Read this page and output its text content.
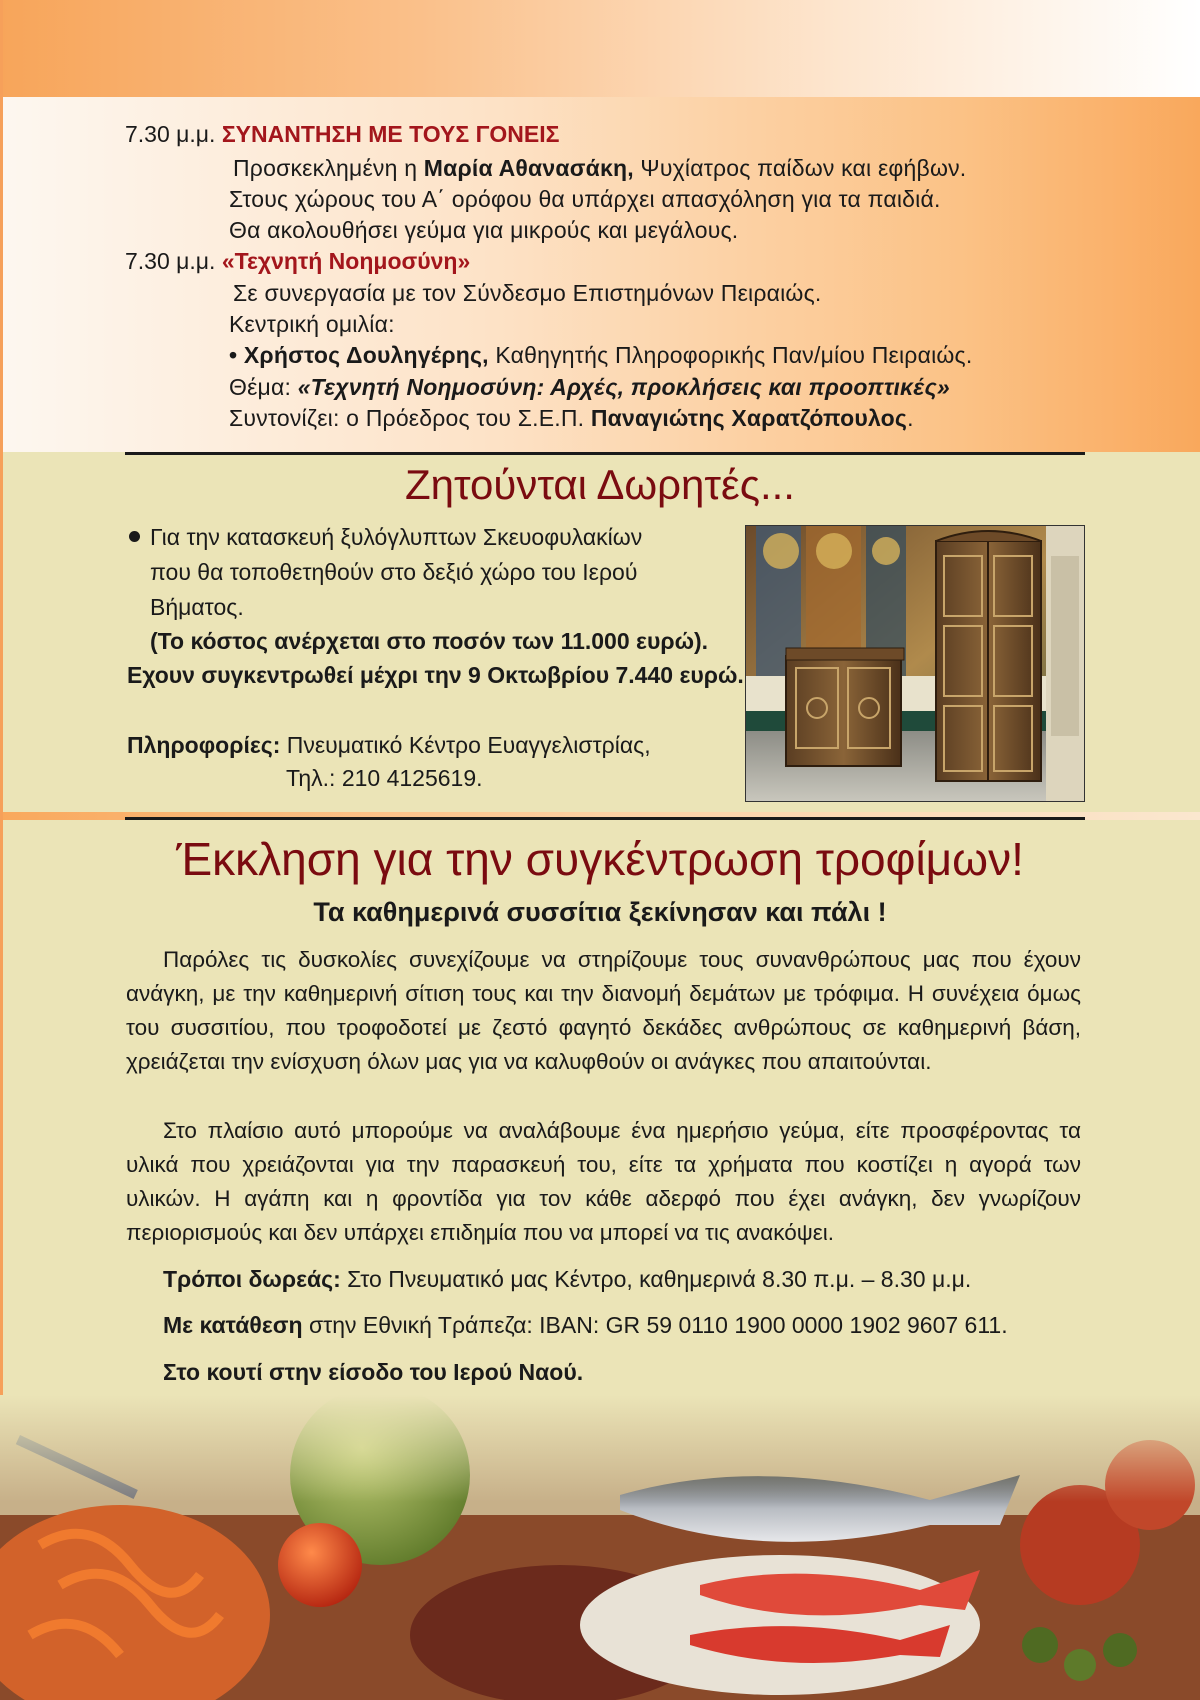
7.30 μ.μ. ΣΥΝΑΝΤΗΣΗ ΜΕ ΤΟΥΣ ΓΟΝΕΙΣ
Προσκεκλημένη η Μαρία Αθανασάκη, Ψυχίατρος παίδων και εφήβων.
Στους χώρους του Α΄ ορόφου θα υπάρχει απασχόληση για τα παιδιά.
Θα ακολουθήσει γεύμα για μικρούς και μεγάλους.
7.30 μ.μ. «Τεχνητή Νοημοσύνη»
Σε συνεργασία με τον Σύνδεσμο Επιστημόνων Πειραιώς.
Κεντρική ομιλία:
• Χρήστος Δουληγέρης, Καθηγητής Πληροφορικής Παν/μίου Πειραιώς.
Θέμα: «Τεχνητή Νοημοσύνη: Αρχές, προκλήσεις και προοπτικές»
Συντονίζει: ο Πρόεδρος του Σ.Ε.Π. Παναγιώτης Χαρατζόπουλος.
Ζητούνται Δωρητές...
Για την κατασκευή ξυλόγλυπτων Σκευοφυλακίων
που θα τοποθετηθούν στο δεξιό χώρο του Ιερού
Βήματος.
(Το κόστος ανέρχεται στο ποσόν των 11.000 ευρώ).
Εχουν συγκεντρωθεί μέχρι την 9 Οκτωβρίου 7.440 ευρώ.
Πληροφορίες: Πνευματικό Κέντρο Ευαγγελιστρίας,
Τηλ.: 210 4125619.
Έκκληση για την συγκέντρωση τροφίμων!
Τα καθημερινά συσσίτια ξεκίνησαν και πάλι !
Παρόλες τις δυσκολίες συνεχίζουμε να στηρίζουμε τους συνανθρώπους μας που έχουν ανάγκη, με την καθημερινή σίτιση τους και την διανομή δεμάτων με τρόφιμα. Η συνέχεια όμως του συσσιτίου, που τροφοδοτεί με ζεστό φαγητό δεκάδες ανθρώπους σε καθημερινή βάση, χρειάζεται την ενίσχυση όλων μας για να καλυφθούν οι ανάγκες που απαιτούνται.
Στο πλαίσιο αυτό μπορούμε να αναλάβουμε ένα ημερήσιο γεύμα, είτε προσφέροντας τα υλικά που χρειάζονται για την παρασκευή του, είτε τα χρήματα που κοστίζει η αγορά των υλικών. Η αγάπη και η φροντίδα για τον κάθε αδερφό που έχει ανάγκη, δεν γνωρίζουν περιορισμούς και δεν υπάρχει επιδημία που να μπορεί να τις ανακόψει.
Τρόποι δωρεάς: Στο Πνευματικό μας Κέντρο, καθημερινά 8.30 π.μ. – 8.30 μ.μ.
Με κατάθεση στην Εθνική Τράπεζα: IBAN: GR 59 0110 1900 0000 1902 9607 611.
Στο κουτί στην είσοδο του Ιερού Ναού.
